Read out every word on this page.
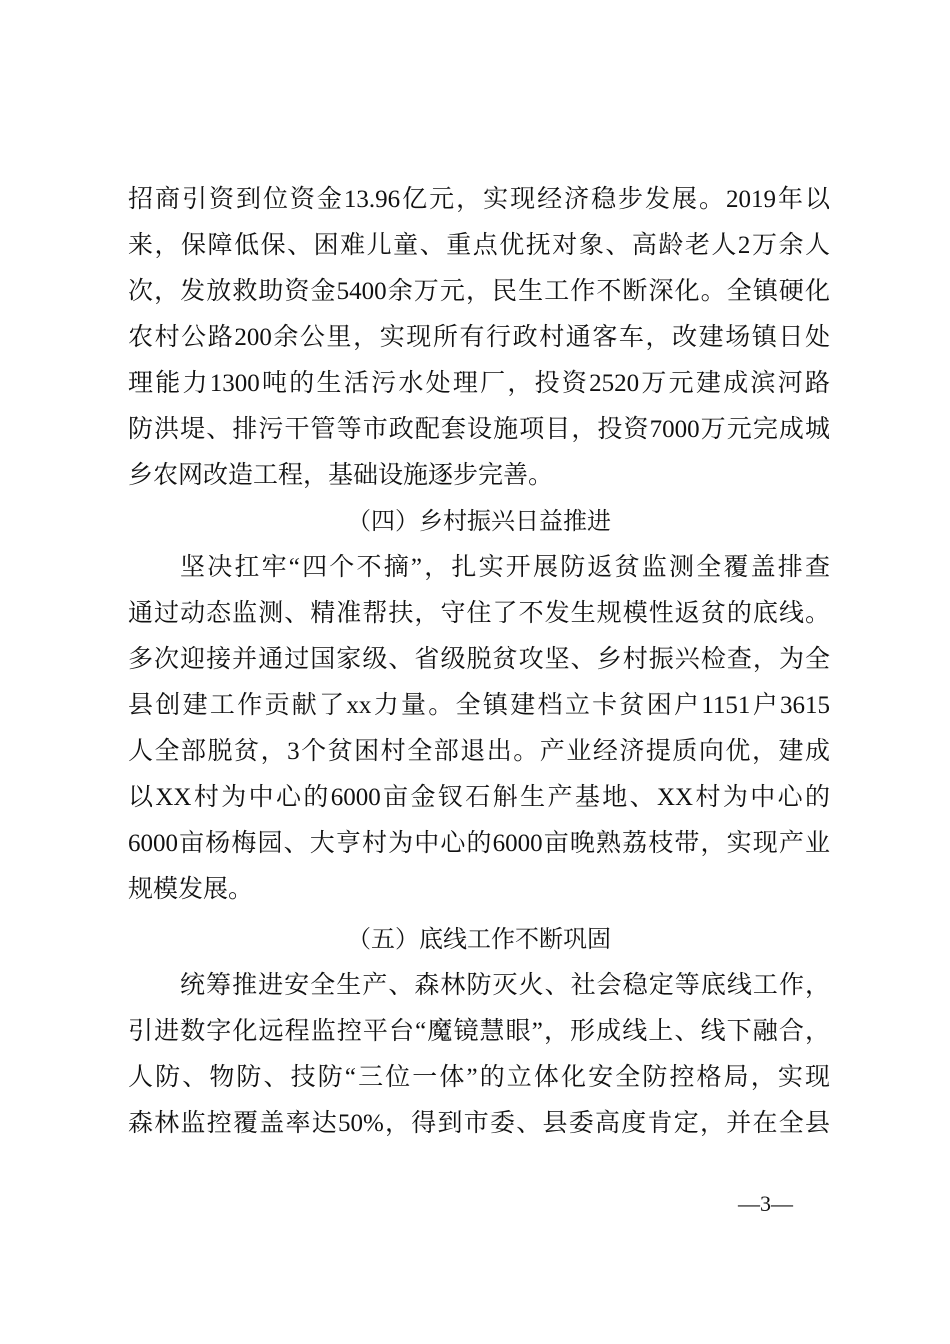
招商引资到位资金13.96亿元，实现经济稳步发展。2019年以
来，保障低保、困难儿童、重点优抚对象、高龄老人2万余人
次，发放救助资金5400余万元，民生工作不断深化。全镇硬化
农村公路200余公里，实现所有行政村通客车，改建场镇日处
理能力1300吨的生活污水处理厂，投资2520万元建成滨河路
防洪堤、排污干管等市政配套设施项目，投资7000万元完成城
乡农网改造工程，基础设施逐步完善。
（四）乡村振兴日益推进
坚决扛牢“四个不摘”，扎实开展防返贫监测全覆盖排查
通过动态监测、精准帮扶，守住了不发生规模性返贫的底线。
多次迎接并通过国家级、省级脱贫攻坚、乡村振兴检查，为全
县创建工作贡献了xx力量。全镇建档立卡贫困户1151户3615
人全部脱贫，3个贫困村全部退出。产业经济提质向优，建成
以XX村为中心的6000亩金钗石斛生产基地、XX村为中心的
6000亩杨梅园、大亨村为中心的6000亩晚熟荔枝带，实现产业
规模发展。
（五）底线工作不断巩固
统筹推进安全生产、森林防灭火、社会稳定等底线工作，
引进数字化远程监控平台“魔镜慧眼”，形成线上、线下融合，
人防、物防、技防“三位一体”的立体化安全防控格局，实现
森林监控覆盖率达50%，得到市委、县委高度肯定，并在全县
—3—
